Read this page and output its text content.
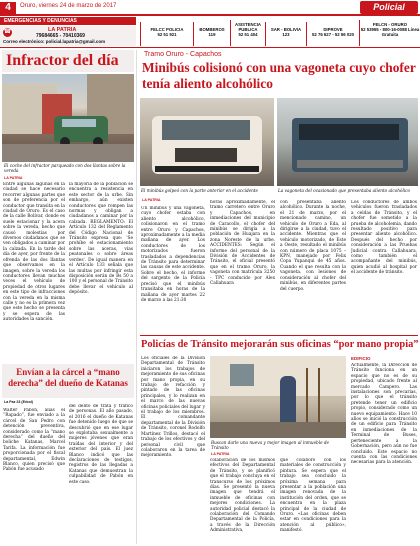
4	Oruro, viernes 24 de marzo de 2017	Policial
EMERGENCIAS Y DENUNCIAS
☎	LA PATRIA
79684665 - 70410369
Correo electrónico: policial.lapatria@gmail.com
FELCC POLICIA
52 51 921
BOMBEROS
119
ASISTENCIA PUBLICA
52 51 404
SAR - BOLIVIA
123
DIPROVE
52 76 627 - 52 56 020
FELCN - ORURO
52 53955 - 800-16-0088 Línea Gratuita
Infractor del día
El coche del infractor parqueado con dos llantas sobre la vereda
LA PATRIA
Entre algunas lagunas en la ciudad se hace necesario recorrer algunas partes que son de preferencia por el conductor que transita en la ciudad de Oruro. Es el caso de la calle Bolívar, donde es suele estacionar y la acera sobre la vereda, hecho que causó molestias por diversos ciudadanos que se ven obligados a caminar por la calzada. En la tarde del día de ayer, por frente de la ofrenda de las dos llantas que observamos en la imagen, sobre la vereda los conductores llevan muchas veces el vehículo de propiedad de otros lugares en este tipo de infracciones con la vereda en la misma calle y no es la primera vez que este hecho se presenta y se espera de las autoridades la sanción.
la mayoría de la población se encuentra a resistencia en este sector de la urbe. Sin embargo, aún existen conductores que rompen las normas y obligan a ciudadanos a caminar por la calzada. REGLAMENTO: El Artículo 132 del Reglamento del Código Nacional de Tránsito expresa que: 'Se prohíbe el estacionamiento sobre las aceras, vías peatonales o sobre áreas verdes'. De igual manera en el Artículo 133 señala que las multas por infringir esta disposición serán de Bs 50 a 100 y el personal de Tránsito debe llevar el vehículo al depósito.
Envían a la cárcel a “mano derecha” del dueño de Katanas
La Paz 23 (Erbol)
Walter Pabón, alias el “Rapado”, fue enviado a la cárcel de San Pedro con detención preventiva, considerado como la “mano derecha” del dueño del boliche Katanas, Marcel Tarifa. La información fue proporcionada por el fiscal departamental, Edwin Blanco, quien precisó que Pabón fue acusado
del delito de trata y tráfico de personas. El año pasado, el 2016 el dueño de Katanas fue detenido luego de que se descubrió que en ese lugar se explotaba sexualmente a mujeres jóvenes que eran traídas del interior y del exterior del país. El juez Blanco indicó que las declaraciones de testigos, registros de las llegadas a Katanas que demuestran la culpabilidad de Pabón en este caso.
Tramo Oruro - Capachos
Minibús colisionó con una vagoneta cuyo chofer tenía aliento alcohólico
El minibús golpeó con la parte anterior en el accidente	La vagoneta del ocasionado que presentaba aliento alcohólico
LA PATRIA
Un minibús y una vagoneta, cuyo chofer estaba con aliento alcohólico, colisionaron en el tramo entre Oruro y Capachos, aproximadamente a la media mañana de ayer. Los conductores de los motorizados fueron trasladados a dependencias de Tránsito para determinar las causas de este accidente. Sobre el hecho, el informe del sargento de la Policía precisó que el minibús transitaba en horas de la mañana de ayer martes 22 de marzo a las 21:30
horas aproximadamente, el tramo carretero entre Oruro y Capachos, en inmediaciones del municipio de Caracollo, el chofer del minibús se dirigía a la población de Huajara en la zona Noreste de la urbe. ACCIDENTES: Según el informe del personal de la División de Accidentes de Tránsito, el oficial presentó que en el tramo Oruro, la vagoneta con matrícula 3250 - TPC conducido por Alex Callahuara
con presentaba aliento alcohólico. Durante la noche, el 21 de marzo, por el mencionado camino, un vehículo de Oruro a Eda, al dirigirse a la ciudad, tuvo el accidente. Mientras que el vehículo motorizado, de Este a Oeste, resultado el minibús con número de placa 1075 – KPN, manejado por Felix Copa Yupanqui de 45 años. Cuando el que resulta con la vagoneta, con lesiones de consideración al chofer del minibús, en diferentes partes del cuerpo.
Los conductores de ambos vehículos fueron trasladados a celdas de Tránsito, y el chofer fue sometido a la prueba de alcoholemia, dando resultado positivo para presentar aliento alcohólico. Después del hecho por consideración a las Pruebas Judicial contra Callahuara, como también el acompañante del minibús, quien acudió al hospital por el accidente de tránsito.
Policías de Tránsito mejorarán sus oficinas “por mano propia”
Los oficiales de la División Departamental de Tránsito iniciaron los trabajos de mejoramiento de sus oficinas por mano propia, en su trabajo de refacción y pintado de las oficinas principales, y lo realizan en el marco de las nuevas oficinas policiales del lugar y el trabajo de los miembros. El comandante departamental de la División de Tránsito, coronel Rodolfo Martínez Trillos, destacó el trabajo de los efectivos y del personal civil que colaboraron en la tarea de mejoramiento.
Buscan darle una nueva y mejor imagen al inmueble de Tránsito
LA PATRIA
colaboración de los mismos efectivos del Departamental de Tránsito, y se planificó que el trabajo concluya en el transcurso de los próximos días. Se presentó la nueva imagen que tendrá el inmueble de oficinas con mejores condiciones. La autoridad policial destacó la colaboración del Comando Departamental de la Policía, a través de la Dirección Administrativa,
que colaboró con los materiales de construcción y pintura. Se espera que el trabajo sea concluido la próxima semana para presentar a la población una imagen renovada de la institución del orden, que se encuentra en la plaza principal de la ciudad de Oruro. «Las oficinas deben estar en condiciones para la atención al público», manifestó.
EDIFICIO
Actualmente, la Dirección de Tránsito funciona en un espacio que no es de su propiedad, ubicado frente al mercado Campero. Las instalaciones son precarias, por lo que el tránsito pretende tener un edificio propio, considerado como un nuevo equipamiento. Hace 10 años se inició la construcción de un edificio para Tránsito en inmediaciones de la Terminal de Buses, perteneciente a la Gobernación, pero aún no fue concluido. Este espacio no cuenta con las condiciones necesarias para la atención.
